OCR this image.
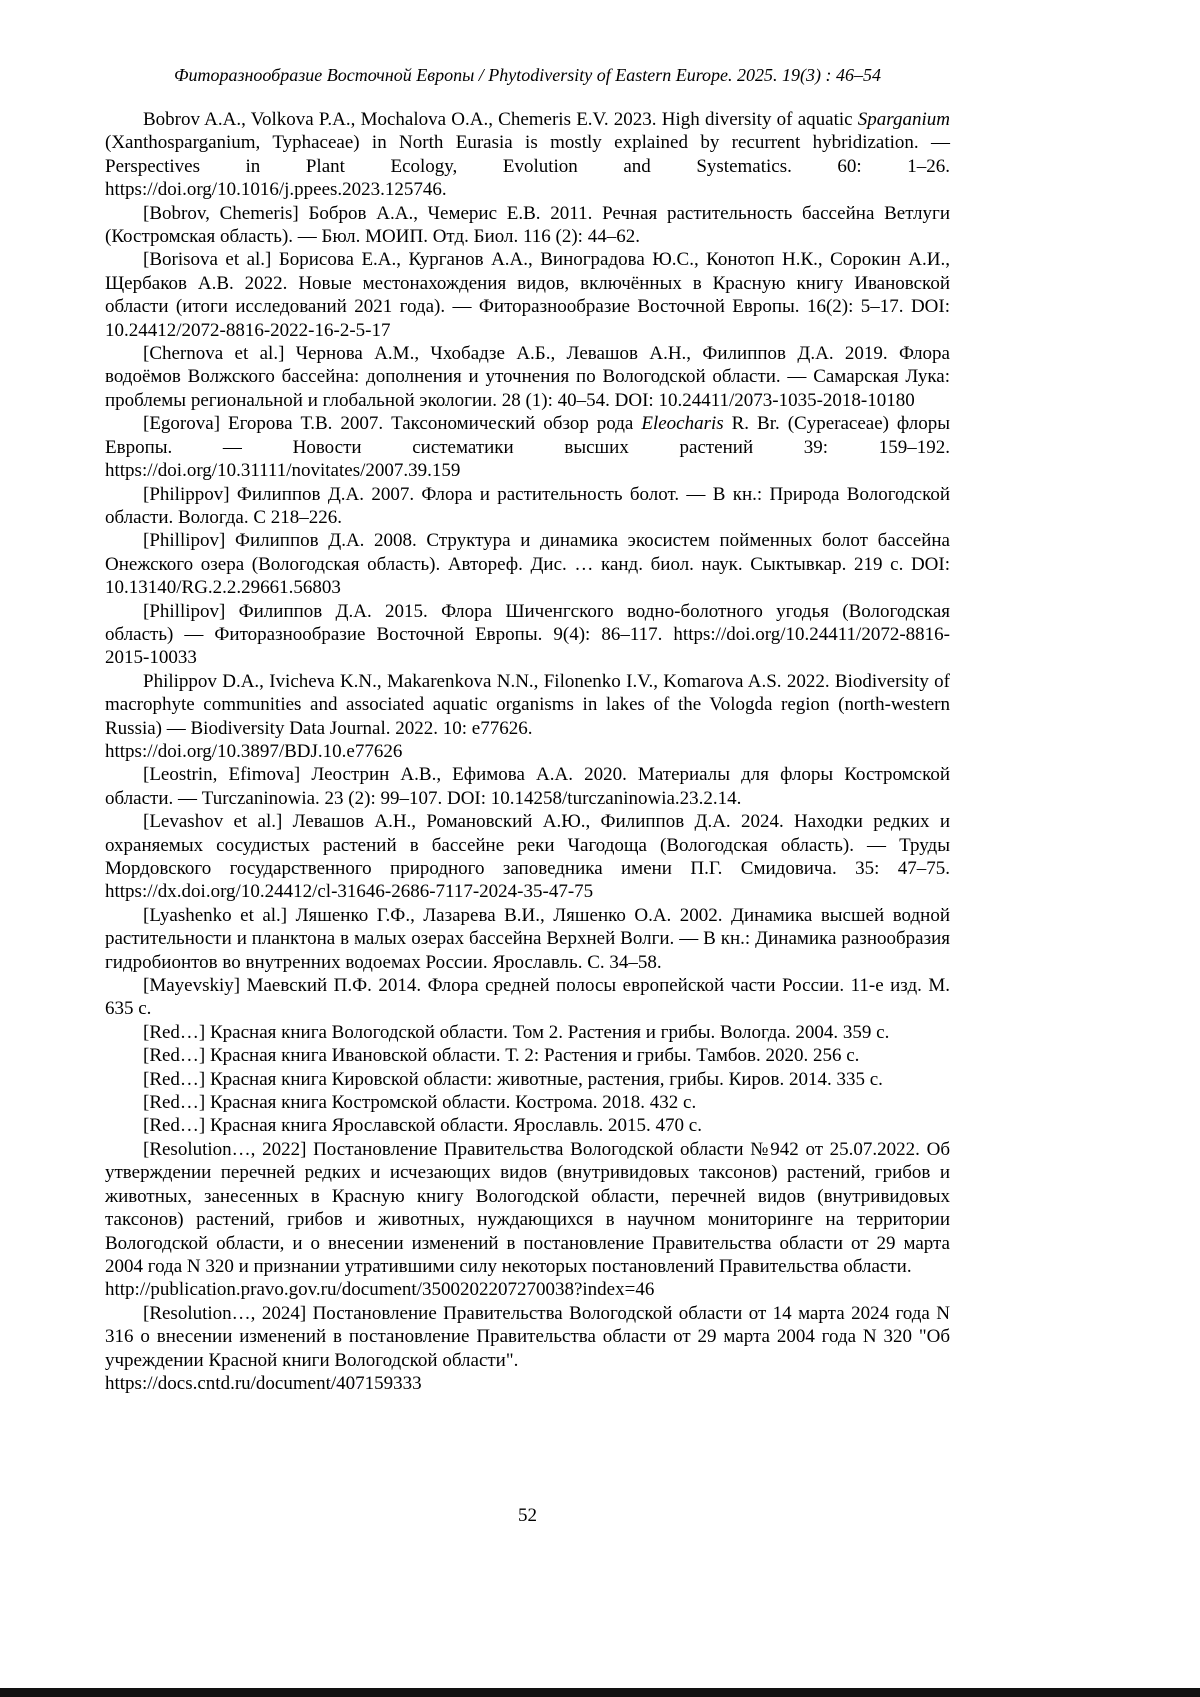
Фиторазнообразие Восточной Европы / Phytodiversity of Eastern Europe. 2025. 19(3) : 46–54

Bobrov A.A., Volkova P.A., Mochalova O.A., Chemeris E.V. 2023. High diversity of aquatic Sparganium (Xanthosparganium, Typhaceae) in North Eurasia is mostly explained by recurrent hybridization. — Perspectives in Plant Ecology, Evolution and Systematics. 60: 1–26. https://doi.org/10.1016/j.ppees.2023.125746.

[Bobrov, Chemeris] Бобров А.А., Чемерис Е.В. 2011. Речная растительность бассейна Ветлуги (Костромская область). — Бюл. МОИП. Отд. Биол. 116 (2): 44–62.

[Borisova et al.] Борисова Е.А., Курганов А.А., Виноградова Ю.С., Конотоп Н.К., Сорокин А.И., Щербаков А.В. 2022. Новые местонахождения видов, включённых в Красную книгу Ивановской области (итоги исследований 2021 года). — Фиторазнообразие Восточной Европы. 16(2): 5–17. DOI: 10.24412/2072-8816-2022-16-2-5-17

[Chernova et al.] Чернова А.М., Чхобадзе А.Б., Левашов А.Н., Филиппов Д.А. 2019. Флора водоёмов Волжского бассейна: дополнения и уточнения по Вологодской области. — Самарская Лука: проблемы региональной и глобальной экологии. 28 (1): 40–54. DOI: 10.24411/2073-1035-2018-10180

[Egorova] Егорова Т.В. 2007. Таксономический обзор рода Eleocharis R. Br. (Cyperaceae) флоры Европы. — Новости систематики высших растений 39: 159–192. https://doi.org/10.31111/novitates/2007.39.159

[Philippov] Филиппов Д.А. 2007. Флора и растительность болот. — В кн.: Природа Вологодской области. Вологда. С 218–226.

[Phillipov] Филиппов Д.А. 2008. Структура и динамика экосистем пойменных болот бассейна Онежского озера (Вологодская область). Автореф. Дис. … канд. биол. наук. Сыктывкар. 219 с. DOI: 10.13140/RG.2.2.29661.56803

[Phillipov] Филиппов Д.А. 2015. Флора Шиченгского водно-болотного угодья (Вологодская область) — Фиторазнообразие Восточной Европы. 9(4): 86–117. https://doi.org/10.24411/2072-8816-2015-10033

Philippov D.A., Ivicheva K.N., Makarenkova N.N., Filonenko I.V., Komarova A.S. 2022. Biodiversity of macrophyte communities and associated aquatic organisms in lakes of the Vologda region (north-western Russia) — Biodiversity Data Journal. 2022. 10: e77626.

https://doi.org/10.3897/BDJ.10.e77626

[Leostrin, Efimova] Леострин А.В., Ефимова А.А. 2020. Материалы для флоры Костромской области. — Turczaninowia. 23 (2): 99–107. DOI: 10.14258/turczaninowia.23.2.14.

[Levashov et al.] Левашов А.Н., Романовский А.Ю., Филиппов Д.А. 2024. Находки редких и охраняемых сосудистых растений в бассейне реки Чагодоща (Вологодская область). — Труды Мордовского государственного природного заповедника имени П.Г. Смидовича. 35: 47–75. https://dx.doi.org/10.24412/cl-31646-2686-7117-2024-35-47-75

[Lyashenko et al.] Ляшенко Г.Ф., Лазарева В.И., Ляшенко О.А. 2002. Динамика высшей водной растительности и планктона в малых озерах бассейна Верхней Волги. — В кн.: Динамика разнообразия гидробионтов во внутренних водоемах России. Ярославль. С. 34–58.

[Mayevskiy] Маевский П.Ф. 2014. Флора средней полосы европейской части России. 11-е изд. М. 635 с.

[Red…] Красная книга Вологодской области. Том 2. Растения и грибы. Вологда. 2004. 359 с.

[Red…] Красная книга Ивановской области. Т. 2: Растения и грибы. Тамбов. 2020. 256 с.

[Red…] Красная книга Кировской области: животные, растения, грибы. Киров. 2014. 335 с.

[Red…] Красная книга Костромской области. Кострома. 2018. 432 с.

[Red…] Красная книга Ярославской области. Ярославль. 2015. 470 с.

[Resolution…, 2022] Постановление Правительства Вологодской области №942 от 25.07.2022. Об утверждении перечней редких и исчезающих видов (внутривидовых таксонов) растений, грибов и животных, занесенных в Красную книгу Вологодской области, перечней видов (внутривидовых таксонов) растений, грибов и животных, нуждающихся в научном мониторинге на территории Вологодской области, и о внесении изменений в постановление Правительства области от 29 марта 2004 года N 320 и признании утратившими силу некоторых постановлений Правительства области.

http://publication.pravo.gov.ru/document/3500202207270038?index=46

[Resolution…, 2024] Постановление Правительства Вологодской области от 14 марта 2024 года N 316 о внесении изменений в постановление Правительства области от 29 марта 2004 года N 320 "Об учреждении Красной книги Вологодской области".

https://docs.cntd.ru/document/407159333
52
